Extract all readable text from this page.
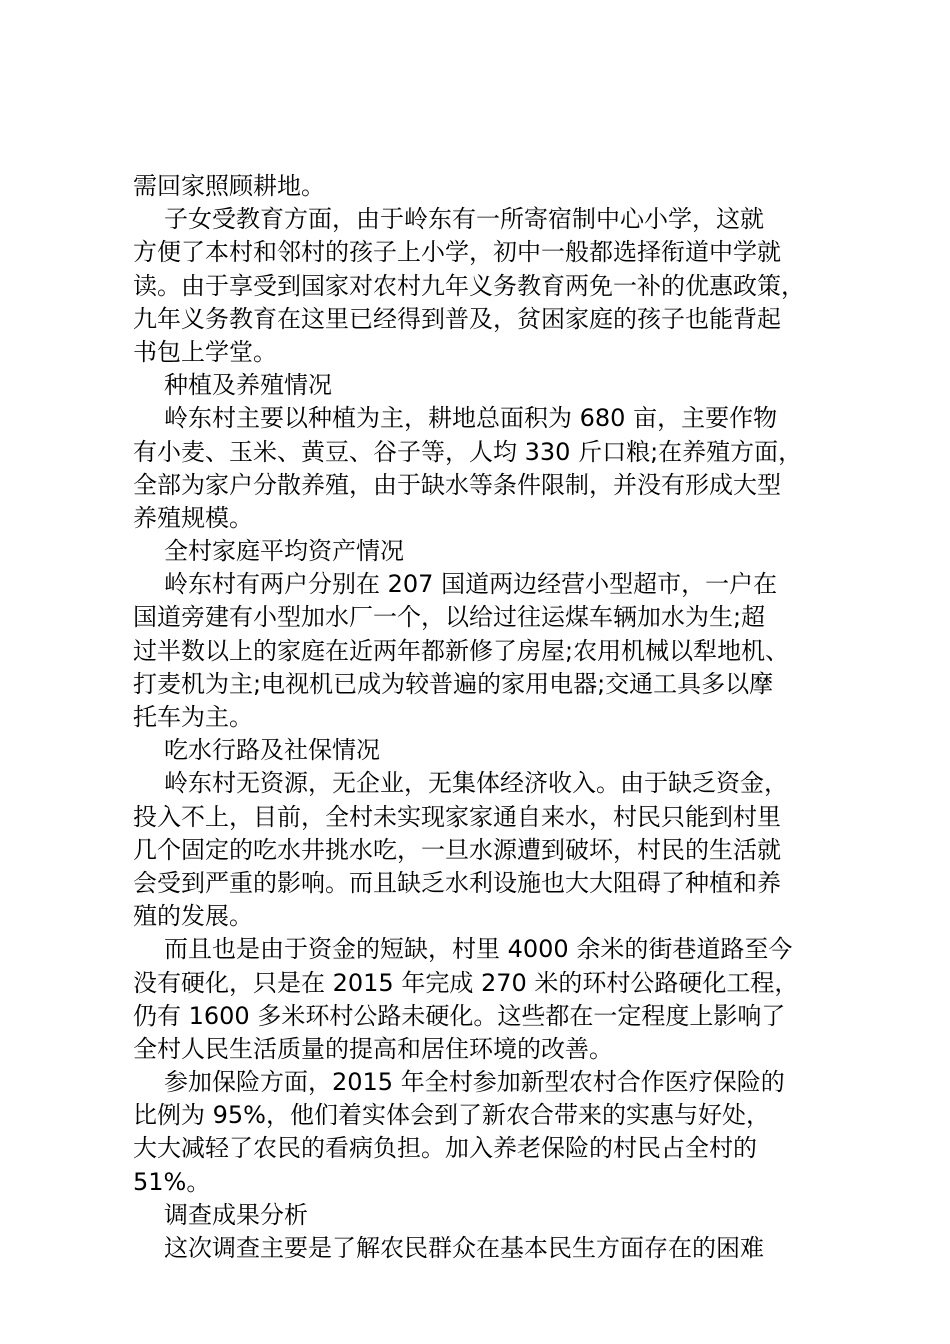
需回家照顾耕地。
子女受教育方面，由于岭东有一所寄宿制中心小学，这就
方便了本村和邻村的孩子上小学，初中一般都选择衔道中学就
读。由于享受到国家对农村九年义务教育两免一补的优惠政策，
九年义务教育在这里已经得到普及，贫困家庭的孩子也能背起
书包上学堂。
种植及养殖情况
岭东村主要以种植为主，耕地总面积为 680 亩，主要作物
有小麦、玉米、黄豆、谷子等，人均 330 斤口粮;在养殖方面，
全部为家户分散养殖，由于缺水等条件限制，并没有形成大型
养殖规模。
全村家庭平均资产情况
岭东村有两户分别在 207 国道两边经营小型超市，一户在
国道旁建有小型加水厂一个，以给过往运煤车辆加水为生;超
过半数以上的家庭在近两年都新修了房屋;农用机械以犁地机、
打麦机为主;电视机已成为较普遍的家用电器;交通工具多以摩
托车为主。
吃水行路及社保情况
岭东村无资源，无企业，无集体经济收入。由于缺乏资金，
投入不上，目前，全村未实现家家通自来水，村民只能到村里
几个固定的吃水井挑水吃，一旦水源遭到破坏，村民的生活就
会受到严重的影响。而且缺乏水利设施也大大阻碍了种植和养
殖的发展。
而且也是由于资金的短缺，村里 4000 余米的街巷道路至今
没有硬化，只是在 2015 年完成 270 米的环村公路硬化工程，
仍有 1600 多米环村公路未硬化。这些都在一定程度上影响了
全村人民生活质量的提高和居住环境的改善。
参加保险方面，2015 年全村参加新型农村合作医疗保险的
比例为 95%，他们着实体会到了新农合带来的实惠与好处，
大大减轻了农民的看病负担。加入养老保险的村民占全村的
51%。
调查成果分析
这次调查主要是了解农民群众在基本民生方面存在的困难
